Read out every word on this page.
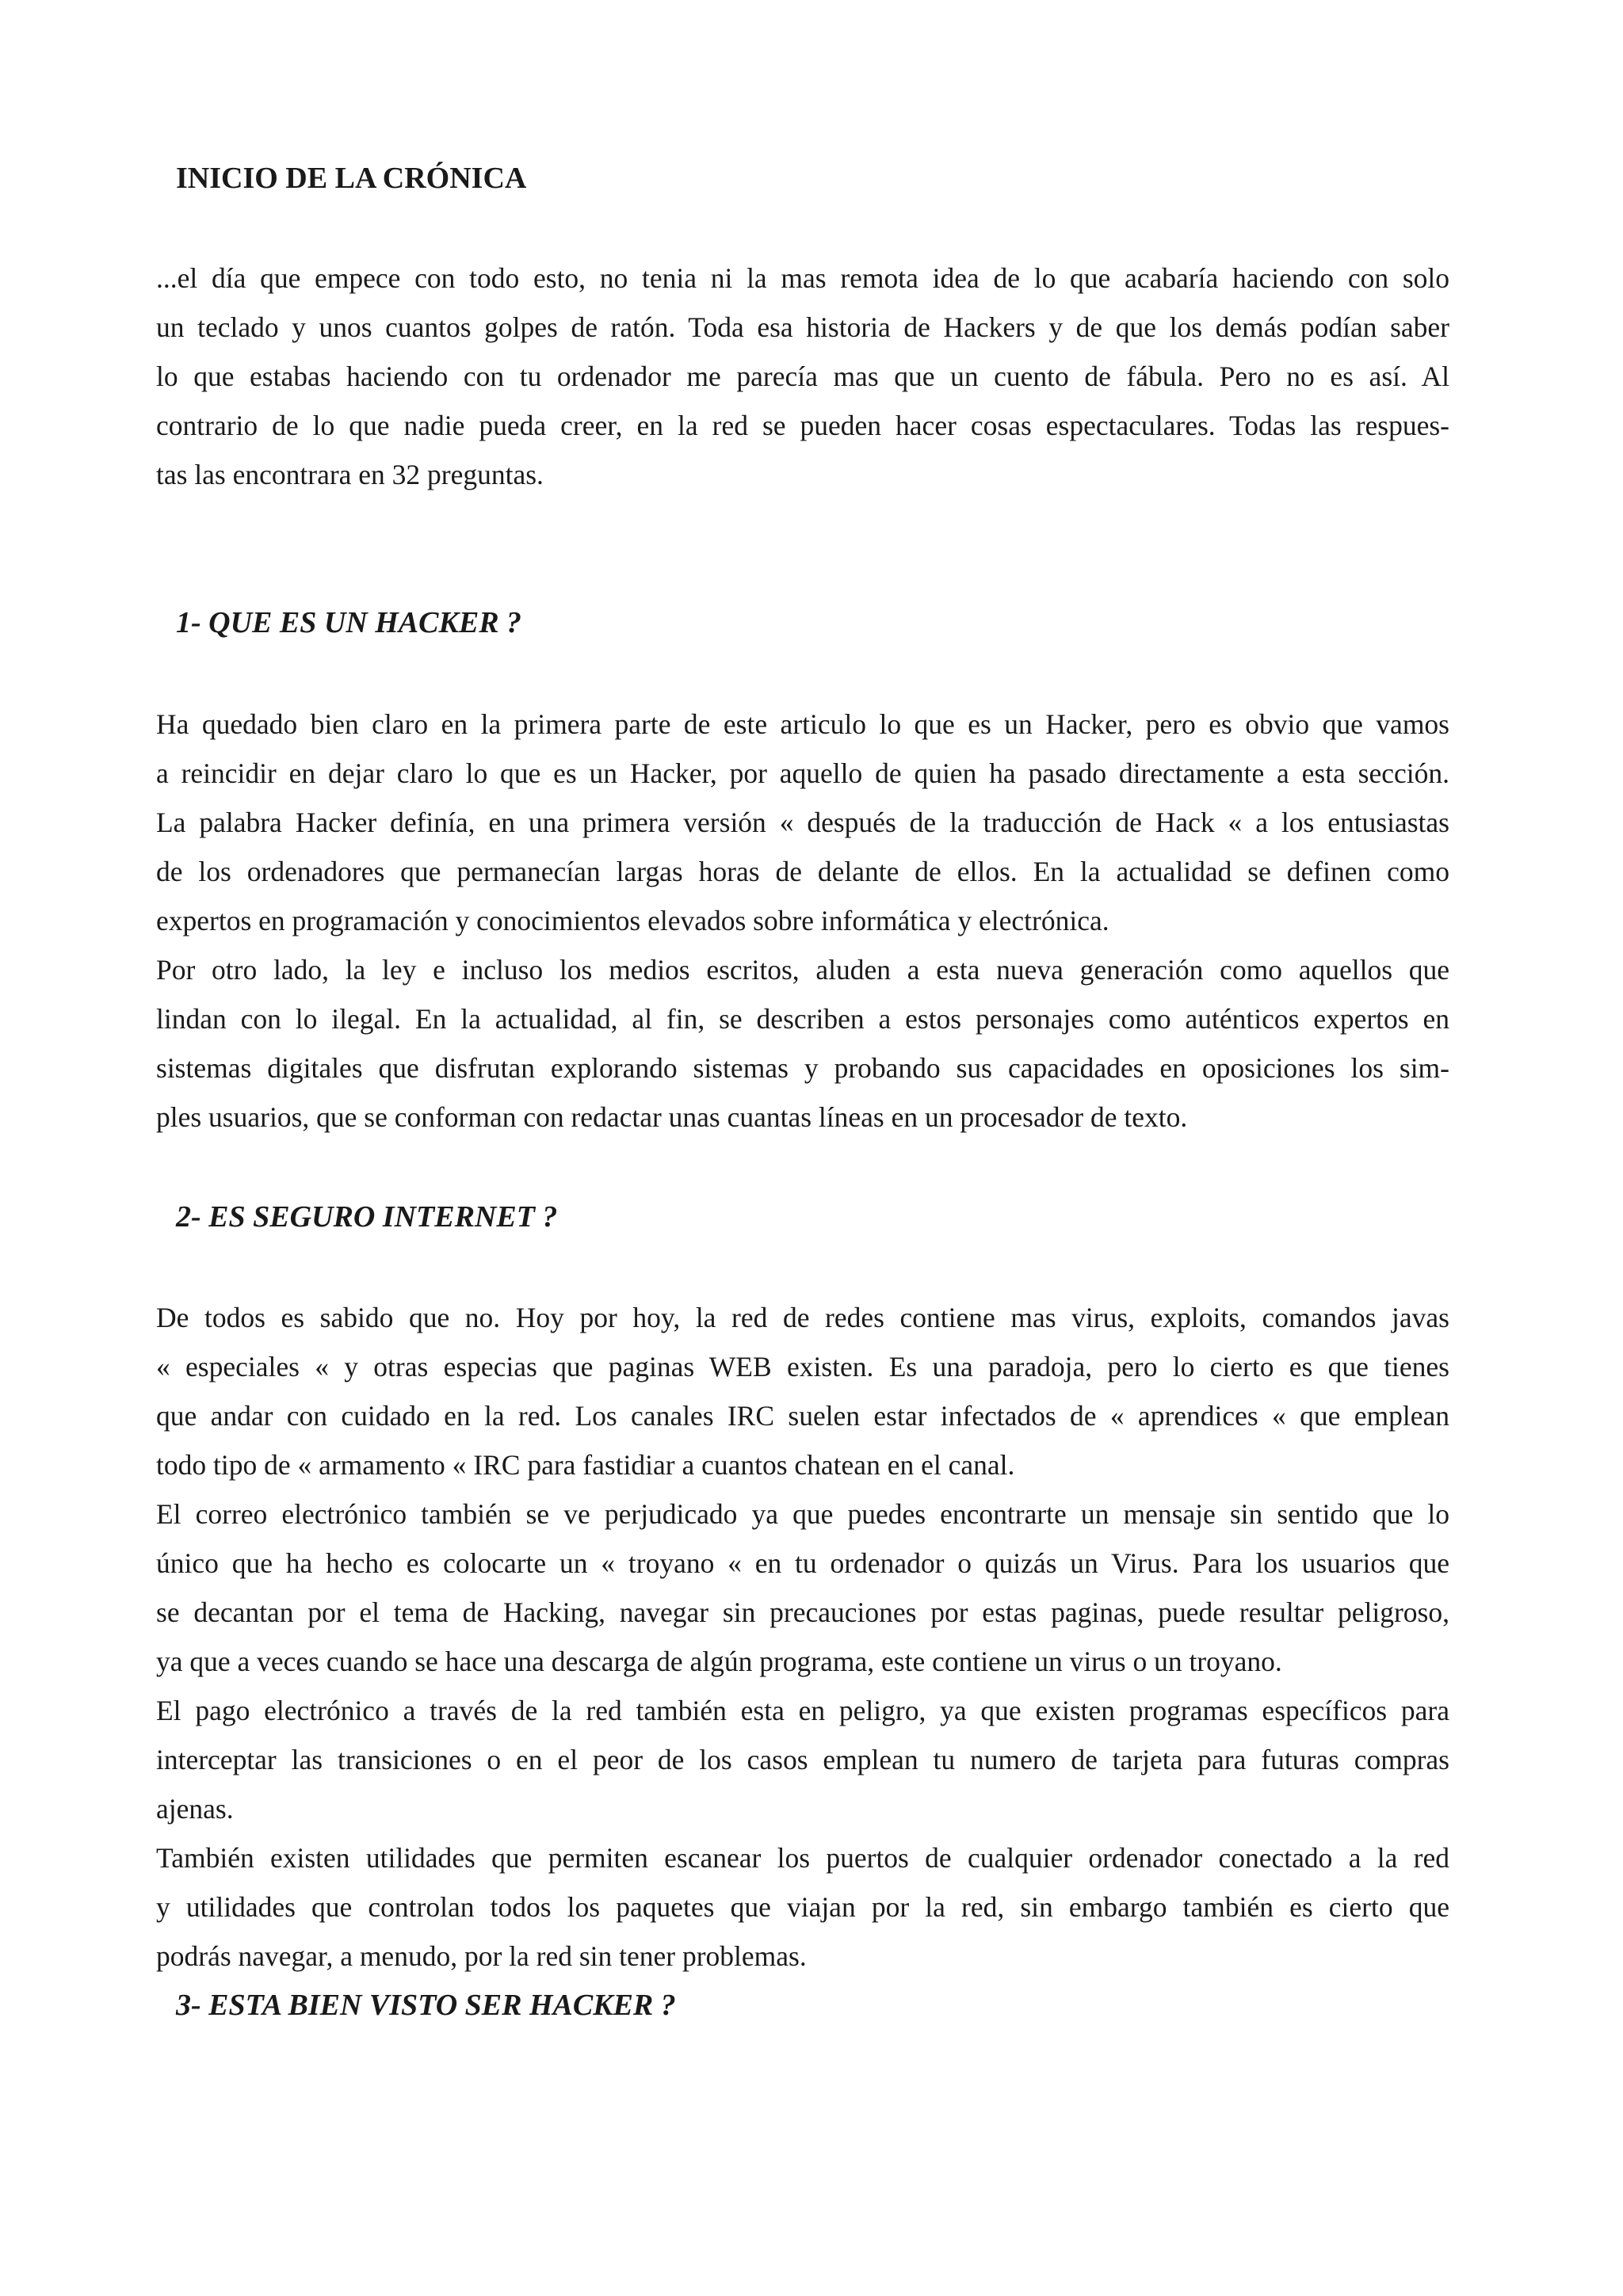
INICIO DE LA CRÓNICA
...el día que empece con todo esto, no tenia ni la mas remota idea de lo que acabaría haciendo con solo
un teclado y unos cuantos golpes de ratón. Toda esa historia de Hackers y de que los demás podían saber
lo que estabas haciendo con tu ordenador me parecía mas que un cuento de fábula. Pero no es así. Al
contrario de lo que nadie pueda creer, en la red se pueden hacer cosas espectaculares. Todas las respues-
tas las encontrara en 32 preguntas.
1- QUE ES UN HACKER ?
Ha quedado bien claro en la primera parte de este articulo lo que es un Hacker, pero es obvio que vamos
a reincidir en dejar claro lo que es un Hacker, por aquello de quien ha pasado directamente a esta sección.
La palabra Hacker definía, en una primera versión « después de la traducción de Hack « a los entusiastas
de los ordenadores que permanecían largas horas de delante de ellos. En la actualidad se definen como
expertos en programación y conocimientos elevados sobre informática y electrónica.
Por otro lado, la ley e incluso los medios escritos, aluden a esta nueva generación como aquellos que
lindan con lo ilegal. En la actualidad, al fin, se describen a estos personajes como auténticos expertos en
sistemas digitales que disfrutan explorando sistemas y probando sus capacidades en oposiciones los sim-
ples usuarios, que se conforman con redactar unas cuantas líneas en un procesador de texto.
2- ES SEGURO INTERNET ?
De todos es sabido que no. Hoy por hoy, la red de redes contiene mas virus, exploits, comandos javas
« especiales « y otras especias que paginas WEB existen. Es una paradoja, pero lo cierto es que tienes
que andar con cuidado en la red. Los canales IRC suelen estar infectados de « aprendices « que emplean
todo tipo de « armamento « IRC para fastidiar a cuantos chatean en el canal.
El correo electrónico también se ve perjudicado ya que puedes encontrarte un mensaje sin sentido que lo
único que ha hecho es colocarte un « troyano « en tu ordenador o quizás un Virus. Para los usuarios que
se decantan por el tema de Hacking, navegar sin precauciones por estas paginas, puede resultar peligroso,
ya que a veces cuando se hace una descarga de algún programa, este contiene un virus o un troyano.
El pago electrónico a través de la red también esta en peligro, ya que existen programas específicos para
interceptar las transiciones o en el peor de los casos emplean tu numero de tarjeta para futuras compras
ajenas.
También existen utilidades que permiten escanear los puertos de cualquier ordenador conectado a la red
y utilidades que controlan todos los paquetes que viajan por la red, sin embargo también es cierto que
podrás navegar, a menudo, por la red sin tener problemas.
3- ESTA BIEN VISTO SER HACKER ?
